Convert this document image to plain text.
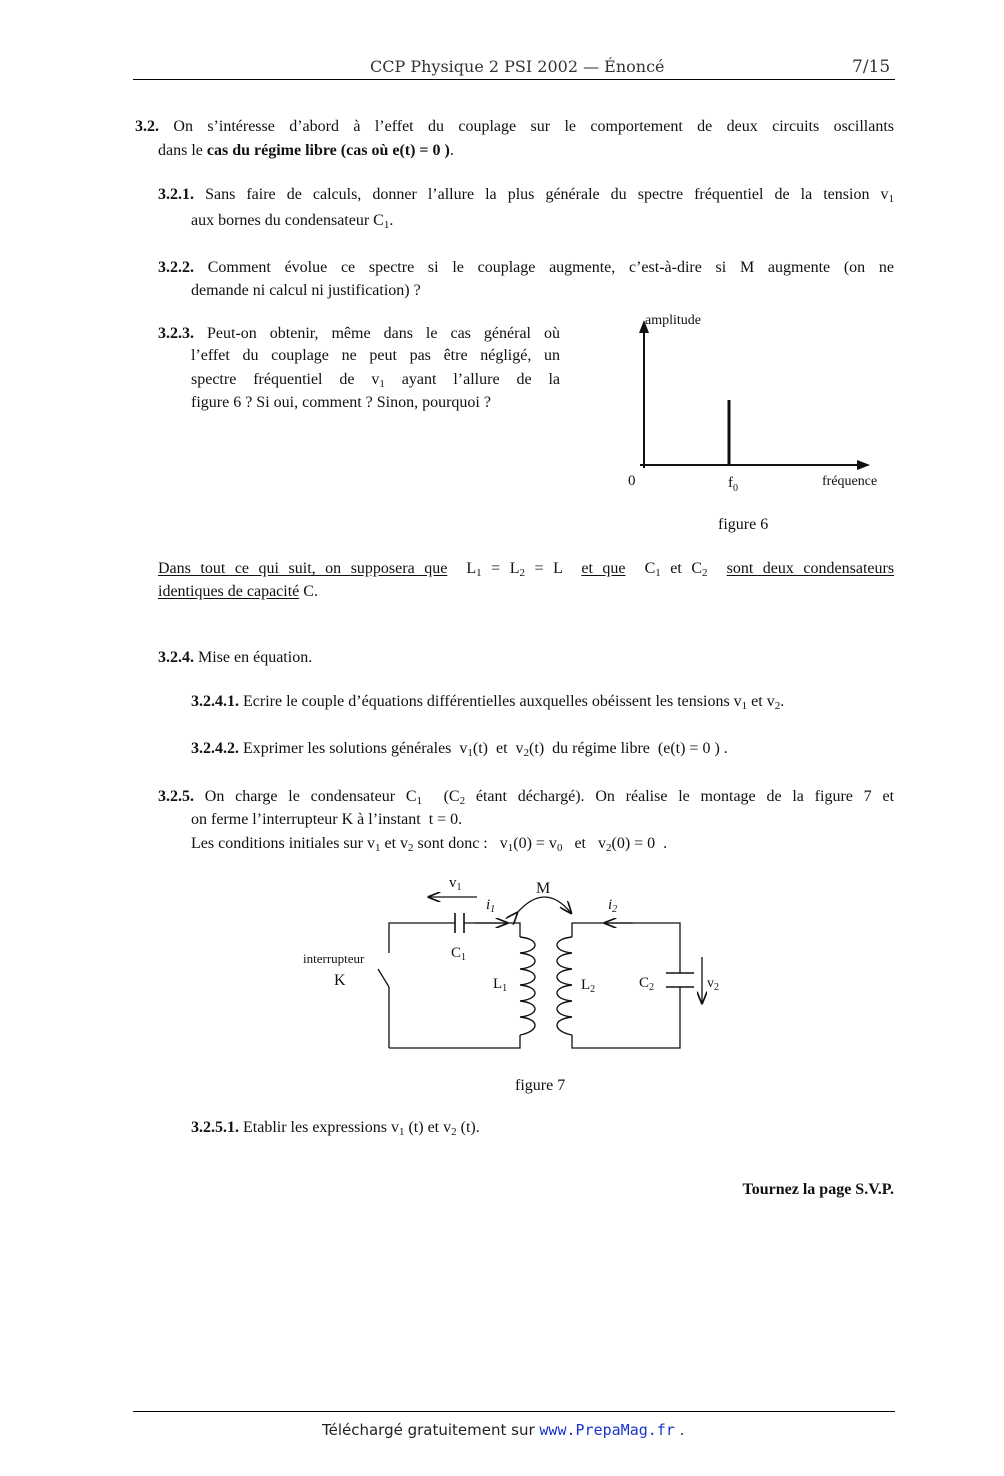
CCP Physique 2 PSI 2002 — Énoncé	7/15
3.2. On s’intéresse d’abord à l’effet du couplage sur le comportement de deux circuits oscillants
dans le cas du régime libre (cas où e(t) = 0 ).
3.2.1. Sans faire de calculs, donner l’allure la plus générale du spectre fréquentiel de la tension $v_1$
aux bornes du condensateur $C_1$.
3.2.2. Comment évolue ce spectre si le couplage augmente, c’est-à-dire si M augmente (on ne
demande ni calcul ni justification) ?
3.2.3. Peut-on obtenir, même dans le cas général où
l’effet du couplage ne peut pas être négligé, un
spectre fréquentiel de $v_1$ ayant l’allure de la
figure 6 ? Si oui, comment ? Sinon, pourquoi ?
amplitude
0	$f_0$	fréquence
figure 6
Dans tout ce qui suit, on supposera que $L_1 = L_2 = L$  et que $C_1$ et $C_2$ sont deux condensateurs
identiques de capacité C.
3.2.4. Mise en équation.
3.2.4.1. Ecrire le couple d’équations différentielles auxquelles obéissent les tensions $v_1$ et $v_2$.
3.2.4.2. Exprimer les solutions générales  $v_1(t)$  et  $v_2(t)$  du régime libre  (e(t) = 0 ) .
3.2.5. On charge le condensateur $C_1$  ($C_2$ étant déchargé). On réalise le montage de la figure 7 et
on ferme l’interrupteur K à l’instant  t = 0.
Les conditions initiales sur $v_1$ et $v_2$ sont donc :   $v_1(0) = v_0$   et   $v_2(0) = 0$  .
$v_1$	M
$i_1$	$i_2$
$C_1$
interrupteur
K	$L_1$	$L_2$	$C_2$	$v_2$
figure 7
3.2.5.1. Etablir les expressions $v_1$ (t) et $v_2$ (t).
Tournez la page S.V.P.
Téléchargé gratuitement sur www.PrepaMag.fr .
